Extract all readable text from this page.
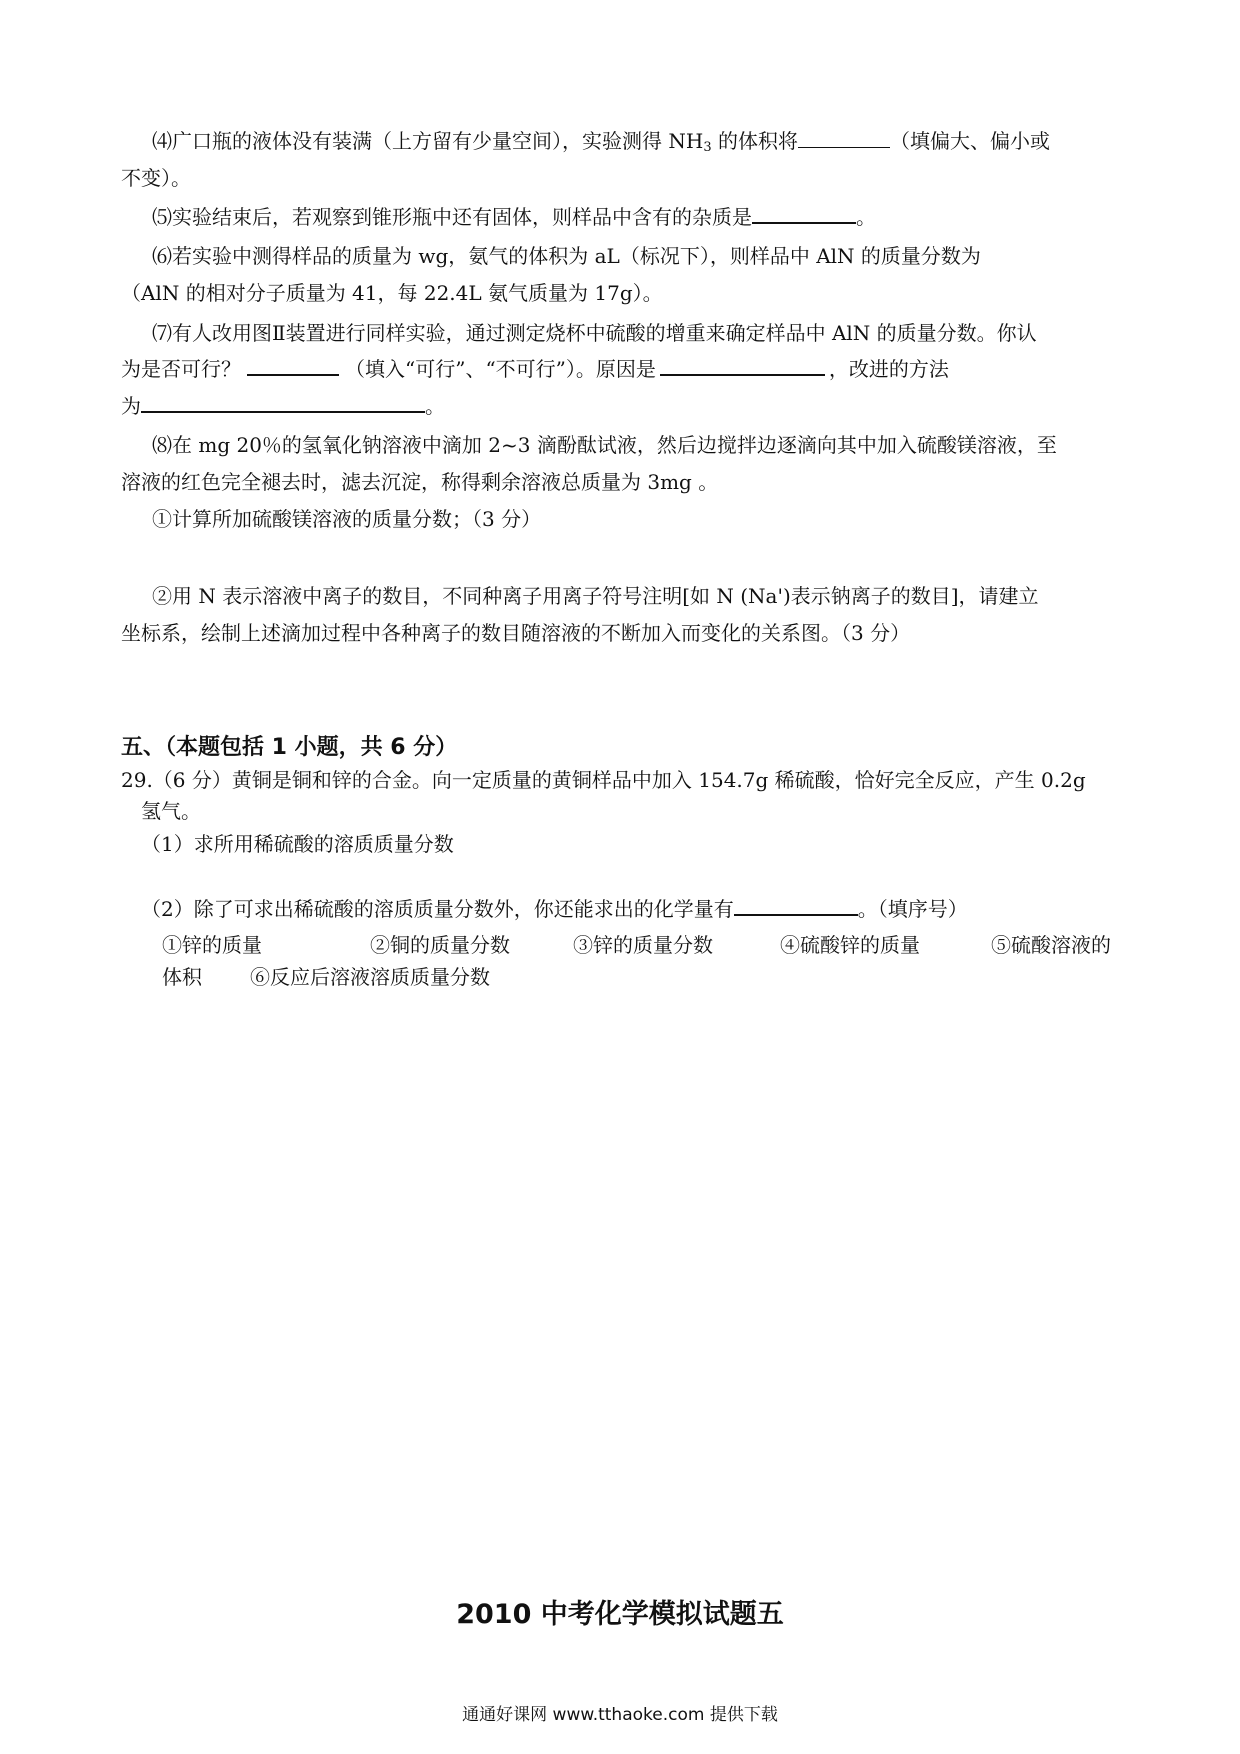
⑷广口瓶的液体没有装满（上方留有少量空间），实验测得 $NH_3$ 的体积将	（填偏大、偏小或
不变）。
⑸实验结束后，若观察到锥形瓶中还有固体，则样品中含有的杂质是	。
⑹若实验中测得样品的质量为 wg，氨气的体积为 aL（标况下），则样品中 AlN 的质量分数为
（AlN 的相对分子质量为 41，每 22.4L 氨气质量为 17g）。
⑺有人改用图Ⅱ装置进行同样实验，通过测定烧杯中硫酸的增重来确定样品中 AlN 的质量分数。你认
为是否可行？	（填入“可行”、“不可行”）。原因是	，改进的方法
为	。
⑻在 mg 20％的氢氧化钠溶液中滴加 2~3 滴酚酞试液，然后边搅拌边逐滴向其中加入硫酸镁溶液，至
溶液的红色完全褪去时，滤去沉淀，称得剩余溶液总质量为 3mg 。
①计算所加硫酸镁溶液的质量分数；（3 分）
②用 N 表示溶液中离子的数目，不同种离子用离子符号注明[如 N (Na')表示钠离子的数目]，请建立
坐标系，绘制上述滴加过程中各种离子的数目随溶液的不断加入而变化的关系图。（3 分）
五、（本题包括 1 小题，共 6 分）
29.（6 分）黄铜是铜和锌的合金。向一定质量的黄铜样品中加入 154.7g 稀硫酸，恰好完全反应，产生 0.2g
氢气。
（1）求所用稀硫酸的溶质质量分数
（2）除了可求出稀硫酸的溶质质量分数外，你还能求出的化学量有	。（填序号）
①锌的质量	②铜的质量分数	③锌的质量分数	④硫酸锌的质量	⑤硫酸溶液的
体积 ⑥反应后溶液溶质质量分数
2010 中考化学模拟试题五
通通好课网 www.tthaoke.com 提供下载
